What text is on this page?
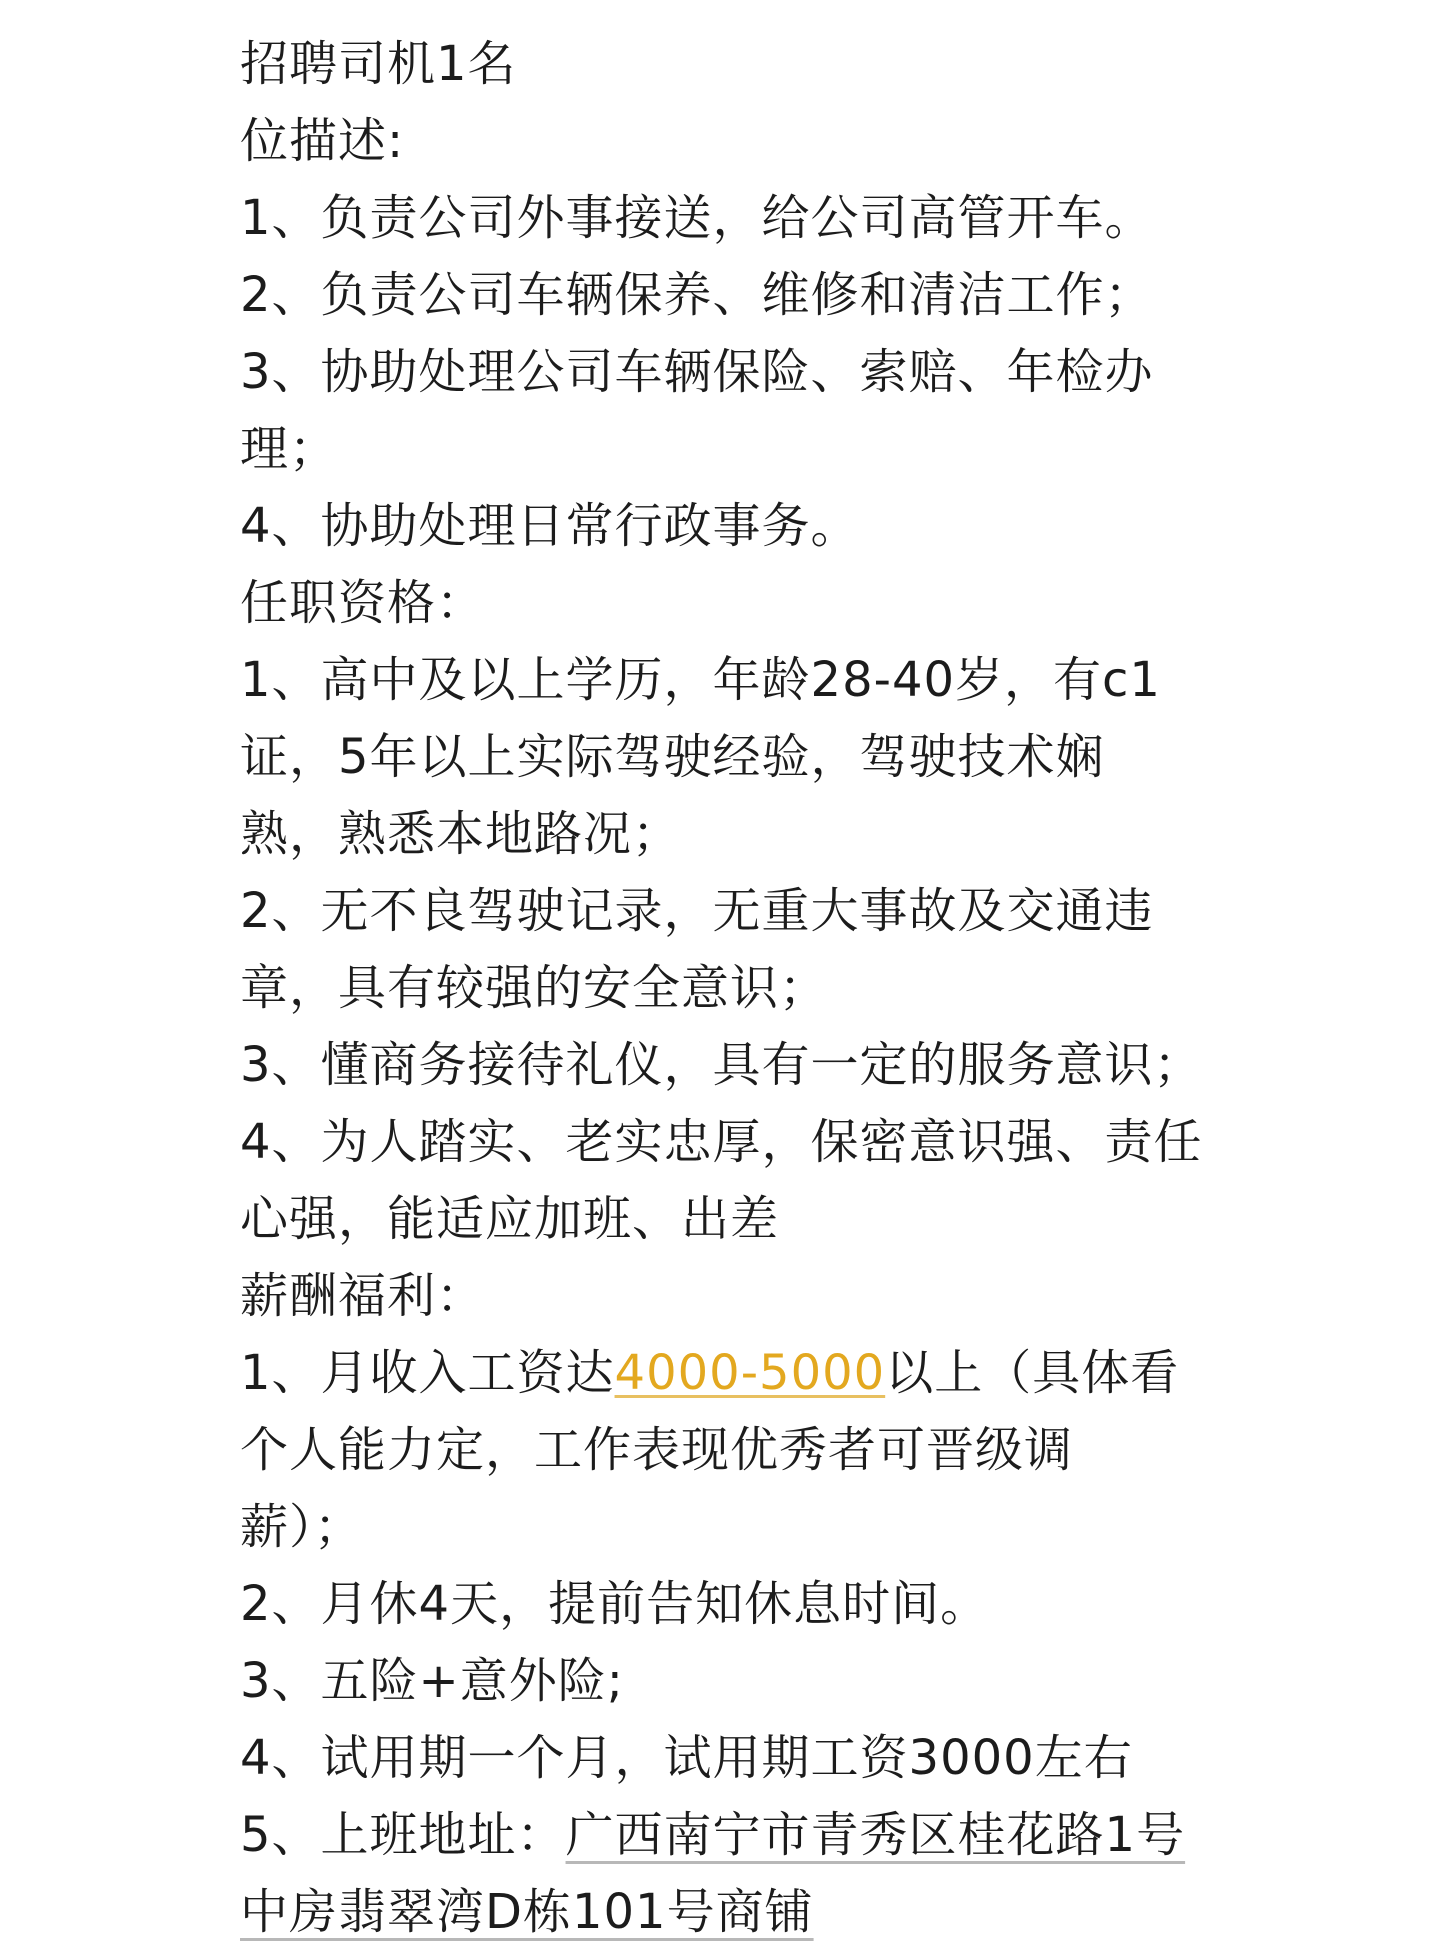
招聘司机1名
位描述:
1、负责公司外事接送，给公司高管开车。
2、负责公司车辆保养、维修和清洁工作；
3、协助处理公司车辆保险、索赔、年检办
理；
4、协助处理日常行政事务。
任职资格：
1、高中及以上学历，年龄28-40岁，有c1
证，5年以上实际驾驶经验，驾驶技术娴
熟，熟悉本地路况；
2、无不良驾驶记录，无重大事故及交通违
章，具有较强的安全意识；
3、懂商务接待礼仪，具有一定的服务意识；
4、为人踏实、老实忠厚，保密意识强、责任
心强，能适应加班、出差
薪酬福利：
1、月收入工资达4000-5000以上（具体看
个人能力定，工作表现优秀者可晋级调
薪）；
2、月休4天，提前告知休息时间。
3、五险+意外险;
4、试用期一个月，试用期工资3000左右
5、上班地址：广西南宁市青秀区桂花路1号
中房翡翠湾D栋101号商铺
